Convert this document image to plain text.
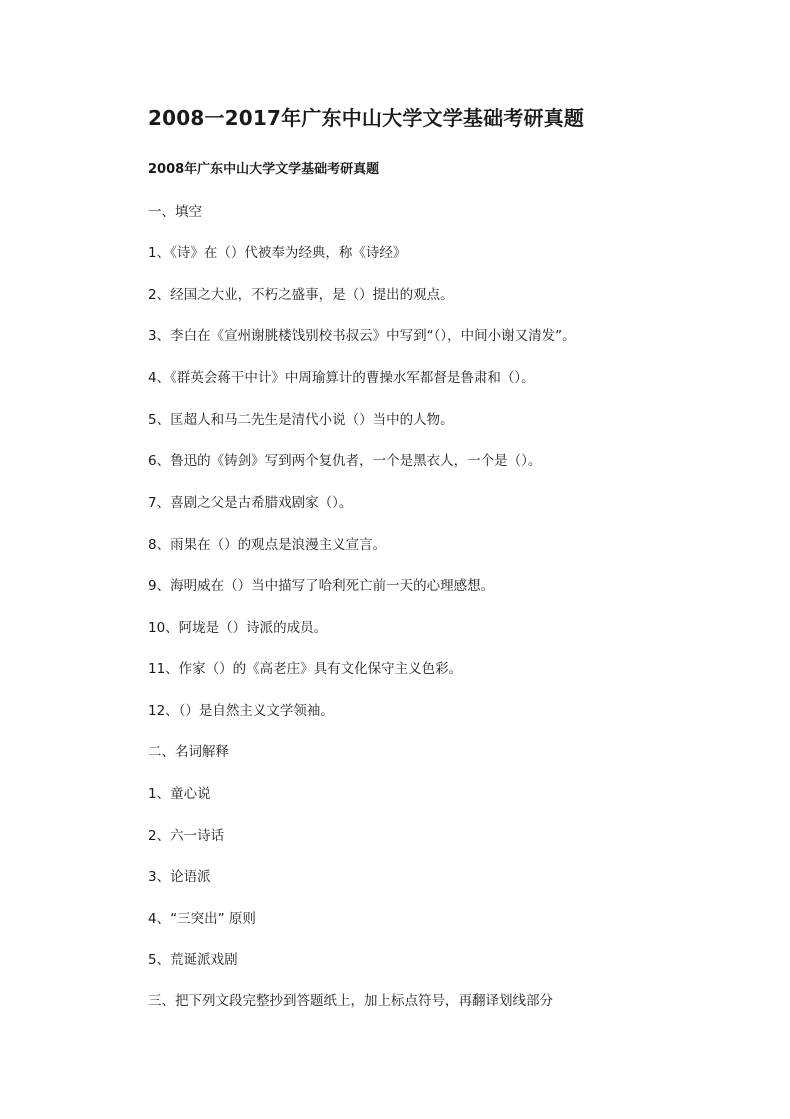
2008一2017年广东中山大学文学基础考研真题
2008年广东中山大学文学基础考研真题

一、填空

1、《诗》在（）代被奉为经典，称《诗经》

2、经国之大业，不朽之盛事，是（）提出的观点。

3、李白在《宣州谢朓楼饯别校书叔云》中写到“（），中间小谢又清发”。

4、《群英会蒋干中计》中周瑜算计的曹操水军都督是鲁肃和（）。

5、匡超人和马二先生是清代小说（）当中的人物。

6、鲁迅的《铸剑》写到两个复仇者，一个是黑衣人，一个是（）。

7、喜剧之父是古希腊戏剧家（）。

8、雨果在（）的观点是浪漫主义宣言。

9、海明威在（）当中描写了哈利死亡前一天的心理感想。

10、阿垅是（）诗派的成员。

11、作家（）的《高老庄》具有文化保守主义色彩。

12、（）是自然主义文学领袖。

二、名词解释

1、童心说

2、六一诗话

3、论语派

4、“三突出” 原则

5、荒诞派戏剧

三、把下列文段完整抄到答题纸上，加上标点符号，再翻译划线部分
